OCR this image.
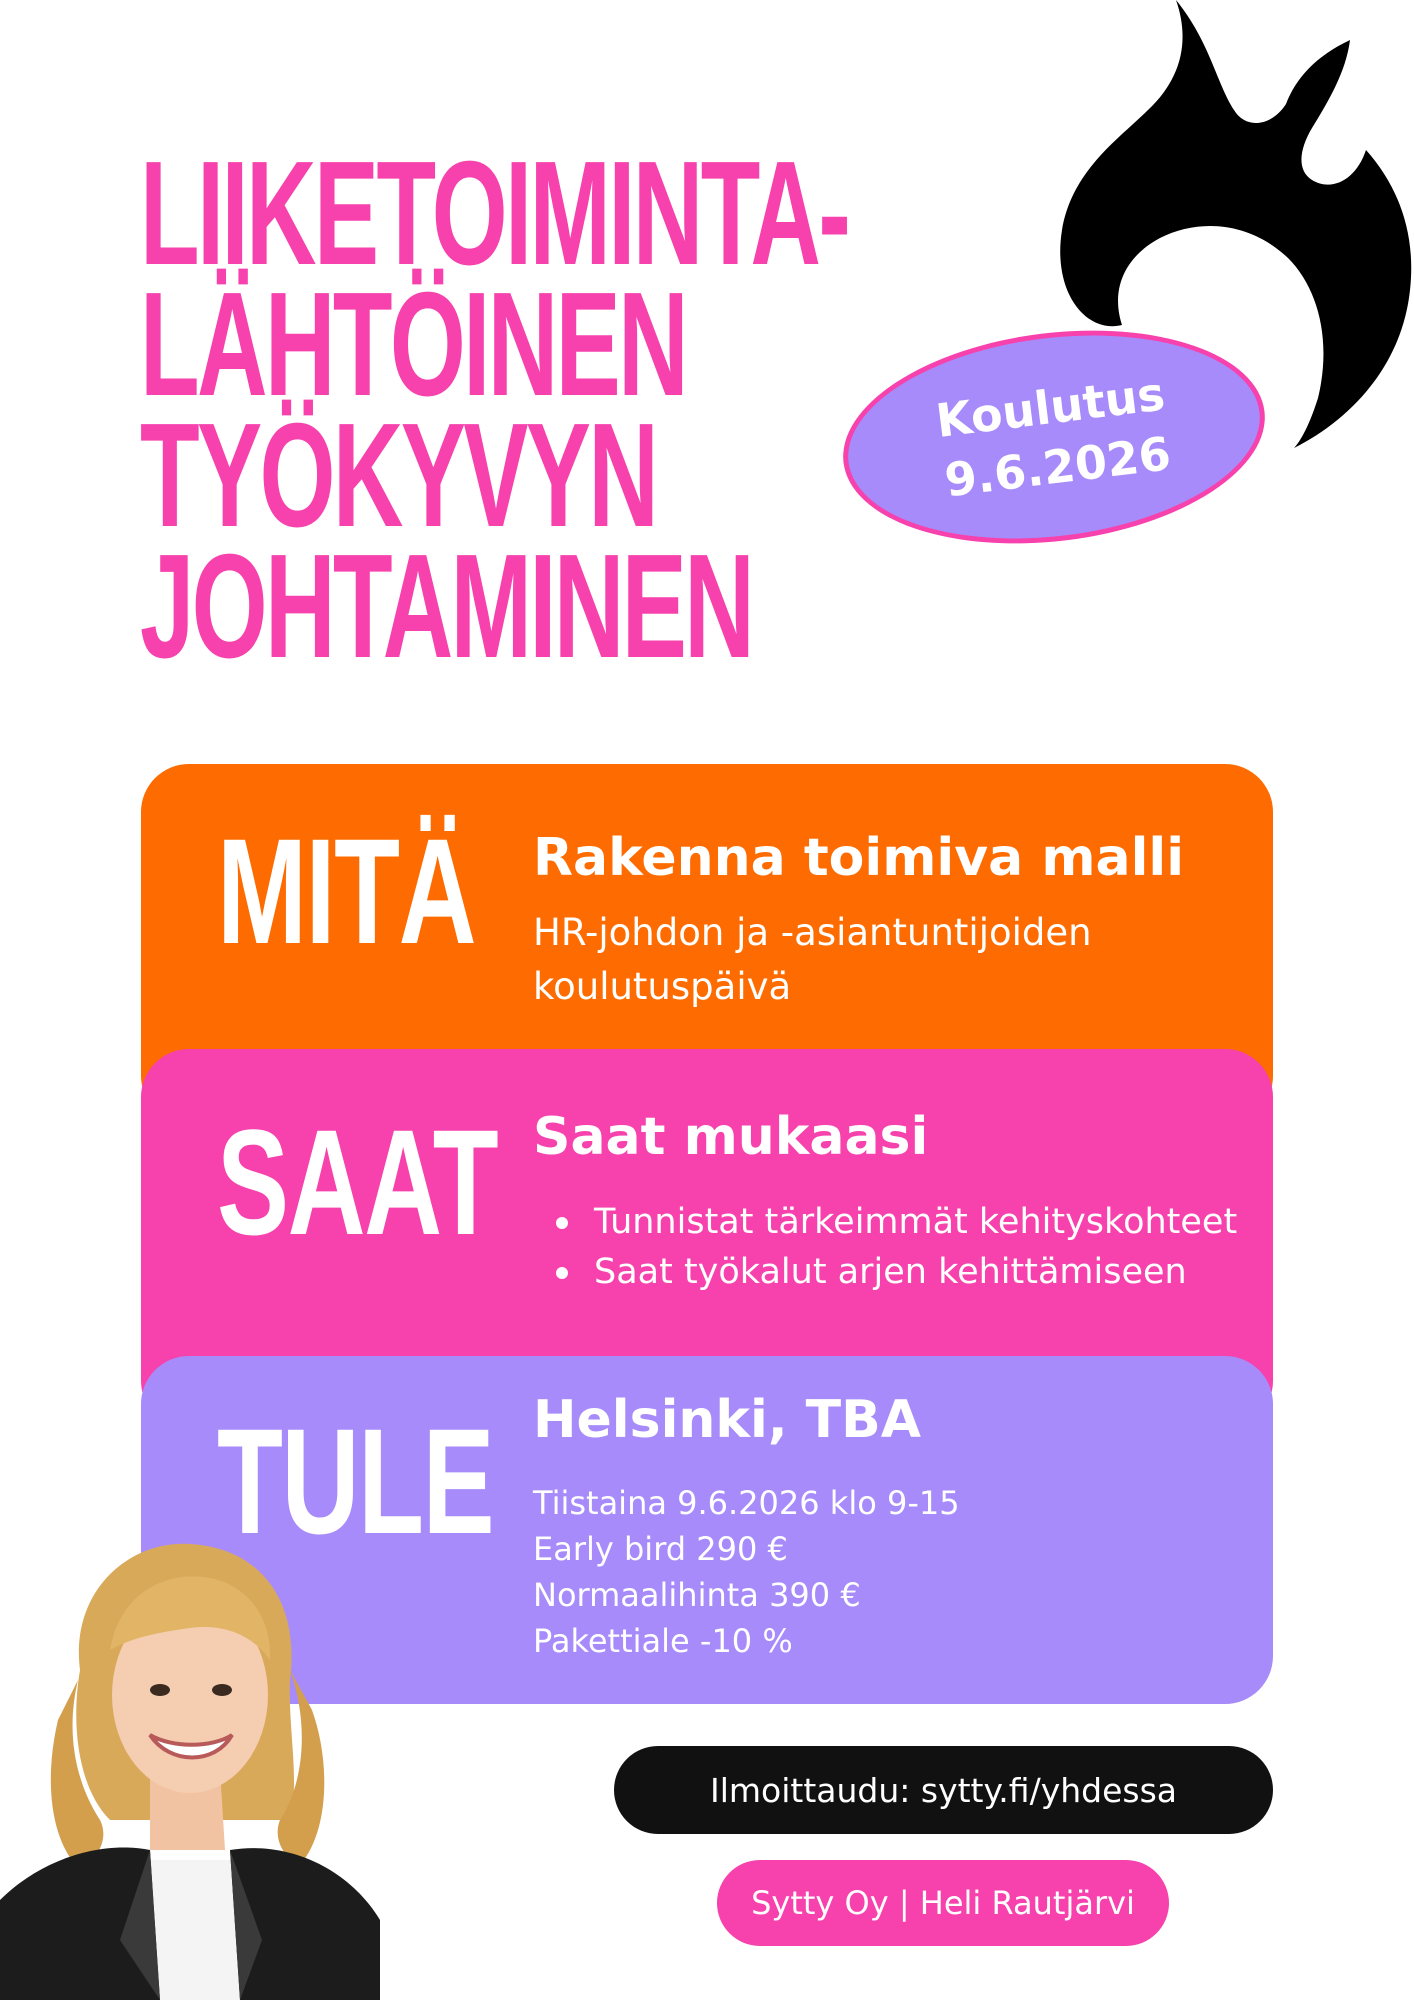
LIIKETOIMINTA-
LÄHTÖINEN
TYÖKYVYN
JOHTAMINEN
Koulutus
9.6.2026
MITÄ Rakenna toimiva malli
HR-johdon ja -asiantuntijoiden
koulutuspäivä
SAAT Saat mukaasi
Tunnistat tärkeimmät kehityskohteet
Saat työkalut arjen kehittämiseen
TULE Helsinki, TBA
Tiistaina 9.6.2026 klo 9-15
Early bird 290 €
Normaalihinta 390 €
Pakettiale -10 %
Ilmoittaudu: sytty.fi/yhdessa
Sytty Oy | Heli Rautjärvi
